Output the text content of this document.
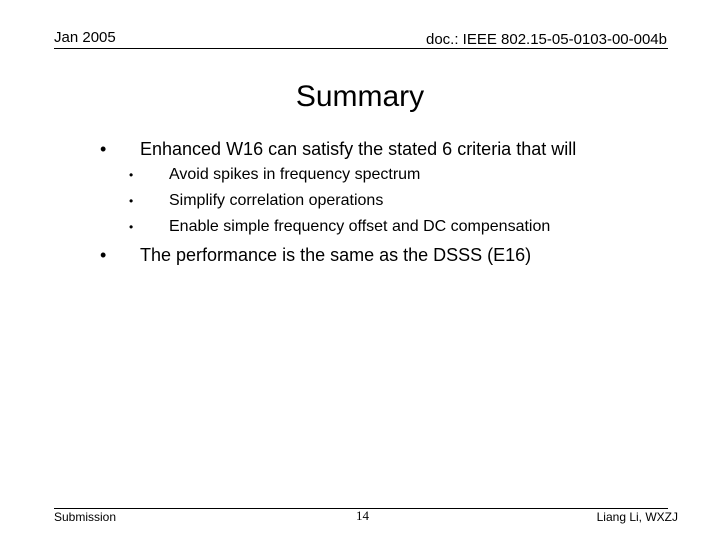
Jan 2005	doc.: IEEE 802.15-05-0103-00-004b
Summary
• Enhanced W16 can satisfy the stated 6 criteria that will
• Avoid spikes in frequency spectrum
• Simplify correlation operations
• Enable simple frequency offset and DC compensation
• The performance is the same as the DSSS (E16)
Submission	14	Liang Li, WXZJ
